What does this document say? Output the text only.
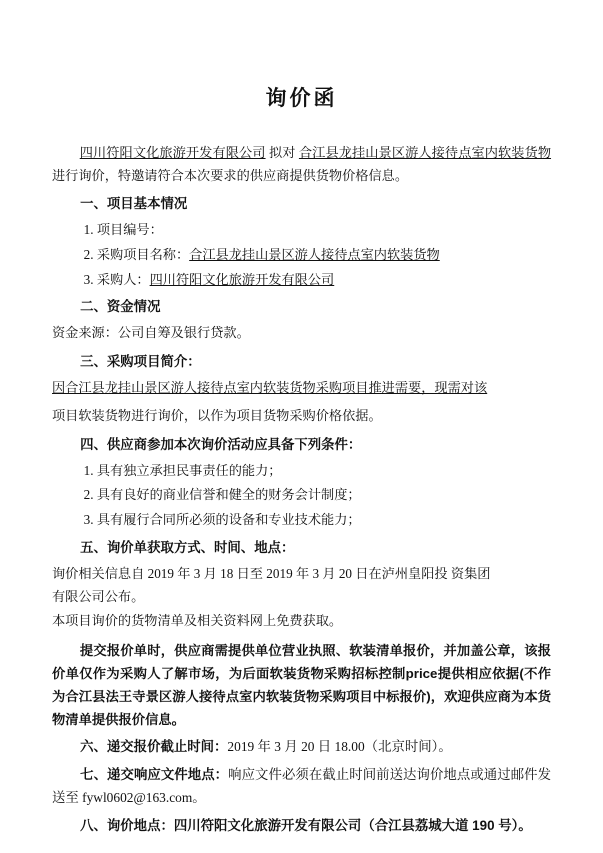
询价函

四川符阳文化旅游开发有限公司 拟对 合江县龙挂山景区游人接待点室内软装货物进行询价，特邀请符合本次要求的供应商提供货物价格信息。

一、项目基本情况

1. 项目编号：

2. 采购项目名称：合江县龙挂山景区游人接待点室内软装货物

3. 采购人：四川符阳文化旅游开发有限公司

二、资金情况

资金来源：公司自筹及银行贷款。

三、采购项目简介：

因合江县龙挂山景区游人接待点室内软装货物采购项目推进需要，现需对该

项目软装货物进行询价，以作为项目货物采购价格依据。

四、供应商参加本次询价活动应具备下列条件：

1. 具有独立承担民事责任的能力；

2. 具有良好的商业信誉和健全的财务会计制度；

3. 具有履行合同所必须的设备和专业技术能力；

五、询价单获取方式、时间、地点：

询价相关信息自 2019 年 3 月 18 日至 2019 年 3 月 20 日在泸州皇阳投 资集团

有限公司公布。

本项目询价的货物清单及相关资料网上免费获取。

提交报价单时，供应商需提供单位营业执照、软装清单报价，并加盖公章，该报价单仅作为采购人了解市场，为后面软装货物采购招标控制price提供相应依据(不作为合江县法王寺景区游人接待点室内软装货物采购项目中标报价)，欢迎供应商为本货物清单提供报价信息。

六、递交报价截止时间：2019 年 3 月 20 日 18.00（北京时间）。

七、递交响应文件地点：响应文件必须在截止时间前送达询价地点或通过邮件发送至 fywl0602@163.com。

八、询价地点：四川符阳文化旅游开发有限公司（合江县荔城大道 190 号）。
